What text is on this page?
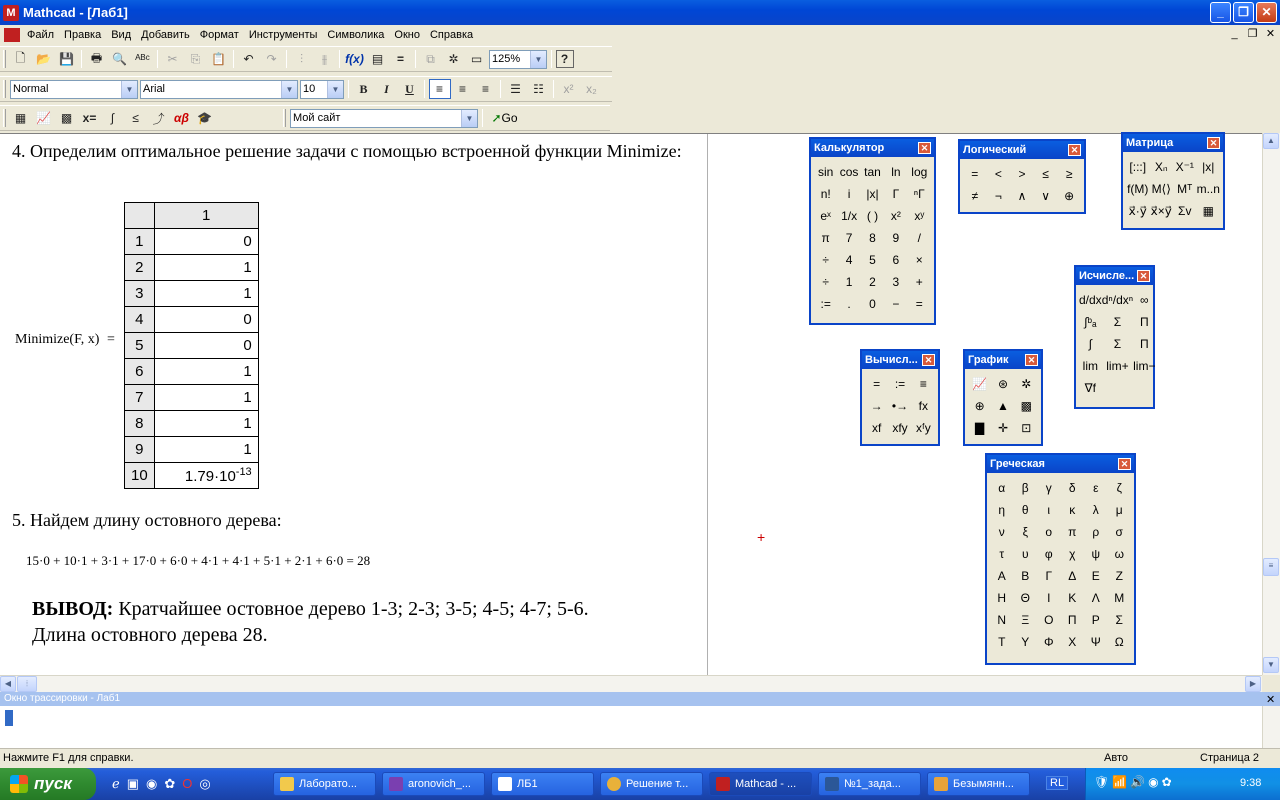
M Mathcad - [Лаб1]	_	❐	✕
Файл Правка Вид Добавить Формат Инструменты Символика Окно Справка	_ ❐ ✕
🗋 📂 💾	🖶 🔍 ᴬᴮᶜ	✂	⎘ 📋	↶	↷	⫶	⫵	f(x) ▤	=	⧉	✲	▭ 125%	▼	?
Normal	▼ Arial	▼ 10	▼	B	I	U	≡	≡	≡	☰	☷	x²	x₂
▦ 📈 ▩ x=	∫	≤	⤴ αβ 🎓	Мой сайт	▼ ➚ Go
4. Определим оптимальное решение задачи с помощью встроенной функции Minimize:
Minimize(F, x) =
	1
1	0
2	1
3	1
4	0
5	0
6	1
7	1
8	1
9	1
10	$1.79\cdot 10^{-13}$
5. Найдем длину остовного дерева:
15·0 + 10·1 + 3·1 + 17·0 + 6·0 + 4·1 + 4·1 + 5·1 + 2·1 + 6·0 = 28
ВЫВОД: Кратчайшее остовное дерево 1-3; 2-3; 3-5; 4-5; 4-7; 5-6.
Длина остовного дерева 28.
+
Калькулятор	✕
sin cos tan ln log
n!	i	|x|	Γ	ⁿΓ
eˣ 1/x ( )	x²	xʸ
π	7	8	9	/
÷	4	5	6	×
÷	1	2	3	+
:=	.	0	−	=
Логический	✕
=	<	>	≤	≥
≠	¬	∧	∨	⊕
Матрица	✕
[:::] Xₙ X⁻¹ |x|
f(M) M⟨⟩ Mᵀ m..n
x⃗·y⃗ x⃗×y⃗ Σv ▦
Исчисле... ✕
d/dx dⁿ/dxⁿ ∞
∫ᵇₐ	Σ	Π
∫	Σ	Π
lim lim+ lim−
∇f
Вычисл... ✕
=	:=	≡
→ •→ fx
xf xfy xᶠy
График	✕
📈 ⊛	✲
⊕	▲ ▩
▇	✛	⊡
Греческая	✕
α	β	γ	δ	ε	ζ
η	θ	ι	κ	λ	μ
ν	ξ	ο	π	ρ	σ
τ	υ	φ	χ	ψ	ω
Α	Β	Γ	Δ	Ε	Ζ
Η	Θ	Ι	Κ	Λ	Μ
Ν	Ξ	Ο	Π	Ρ	Σ
Τ	Υ	Φ	Χ	Ψ	Ω
▲
≡
▼
◀	⦙	▶
Окно трассировки - Лаб1	✕
Нажмите F1 для справки.	Авто	Страница 2
пуск	ℯ ▣ ◉ ✿ O ◎	Лаборато...	aronovich_...	ЛБ1	Решение т...	Mathcad - ...	№1_задa...	Безымянн...	RL	🛡📶🔊◉✿	9:38
